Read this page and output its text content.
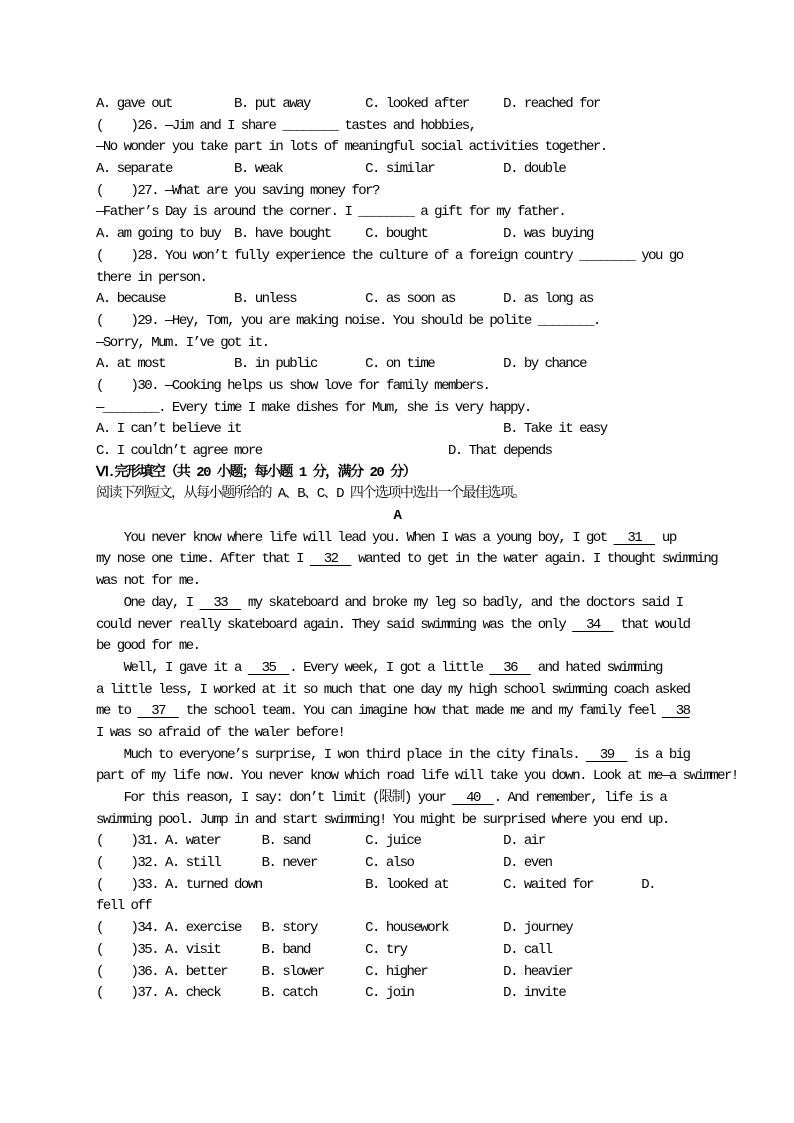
A. gave out         B. put away        C. looked after     D. reached for
(    )26. —Jim and I share ________ tastes and hobbies,
—No wonder you take part in lots of meaningful social activities together.
A. separate         B. weak            C. similar          D. double
(    )27. —What are you saving money for?
—Father’s Day is around the corner. I ________ a gift for my father.
A. am going to buy  B. have bought     C. bought           D. was buying
(    )28. You won’t fully experience the culture of a foreign country ________ you go
there in person.
A. because          B. unless          C. as soon as       D. as long as
(    )29. —Hey, Tom, you are making noise. You should be polite ________.
—Sorry, Mum. I’ve got it.
A. at most          B. in public       C. on time          D. by chance
(    )30. —Cooking helps us show love for family members.
—________. Every time I make dishes for Mum, she is very happy.
A. I can’t believe it                                      B. Take it easy
C. I couldn’t agree more                           D. That depends
Ⅵ.完形填空（共 20 小题；每小题 1 分，满分 20 分）
阅读下列短文，从每小题所给的 A、B、C、D 四个选项中选出一个最佳选项。
A
You never know where life will lead you. When I was a young boy, I got   31   up
my nose one time. After that I   32   wanted to get in the water again. I thought swimming
was not for me.
One day, I   33   my skateboard and broke my leg so badly, and the doctors said I
could never really skateboard again. They said swimming was the only   34   that would
be good for me.
Well, I gave it a   35  . Every week, I got a little   36   and hated swimming
a little less, I worked at it so much that one day my high school swimming coach asked
me to   37   the school team. You can imagine how that made me and my family feel   38
I was so afraid of the waler before!
Much to everyone’s surprise, I won third place in the city finals.   39   is a big
part of my life now. You never know which road life will take you down. Look at me—a swimmer!
For this reason, I say: don’t limit (限制) your   40  . And remember, life is a
swimming pool. Jump in and start swimming! You might be surprised where you end up.
(    )31. A. water      B. sand        C. juice            D. air
(    )32. A. still      B. never       C. also             D. even
(    )33. A. turned down               B. looked at        C. waited for       D.
fell off
(    )34. A. exercise   B. story       C. housework        D. journey
(    )35. A. visit      B. band        C. try              D. call
(    )36. A. better     B. slower      C. higher           D. heavier
(    )37. A. check      B. catch       C. join             D. invite
